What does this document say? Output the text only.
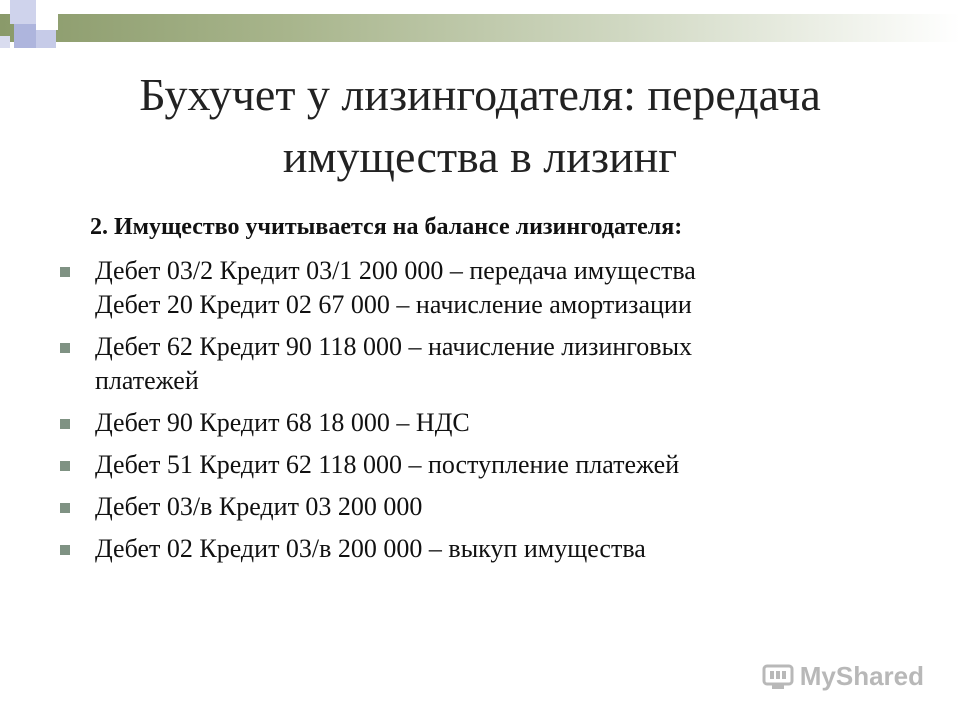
Бухучет у лизингодателя: передача
имущества в лизинг
2. Имущество учитывается на балансе лизингодателя:
Дебет 03/2 Кредит 03/1 200 000 – передача имущества
Дебет 20 Кредит 02 67 000 – начисление амортизации
Дебет 62 Кредит 90 118 000 – начисление лизинговых
платежей
Дебет 90 Кредит 68 18 000 – НДС
Дебет 51 Кредит 62 118 000 – поступление платежей
Дебет 03/в Кредит 03 200 000
Дебет 02 Кредит 03/в 200 000 – выкуп имущества
MyShared
